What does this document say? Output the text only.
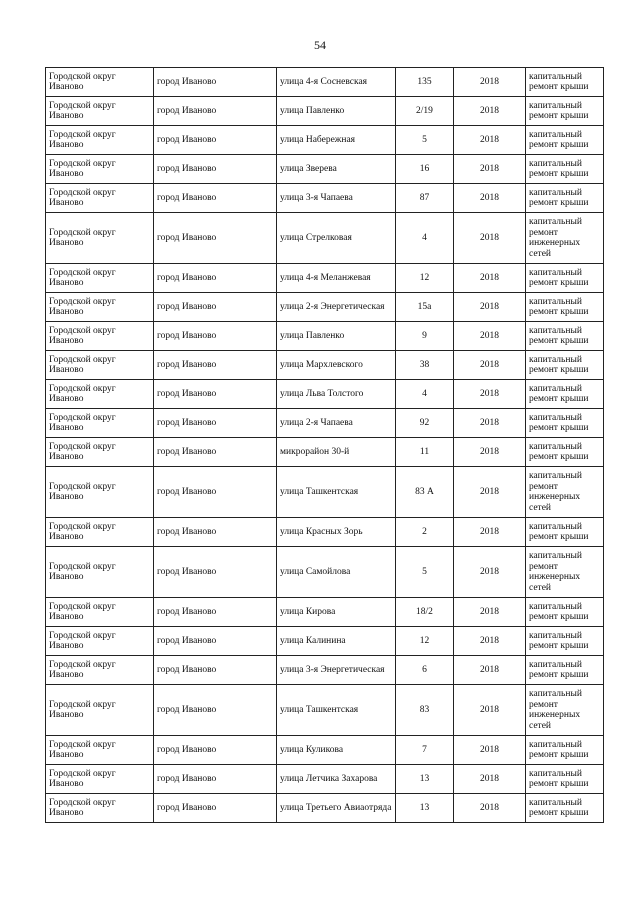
54
Городской округ Иваново	город Иваново	улица 4-я Сосневская	135	2018	капитальный ремонт крыши
Городской округ Иваново	город Иваново	улица Павленко	2/19	2018	капитальный ремонт крыши
Городской округ Иваново	город Иваново	улица Набережная	5	2018	капитальный ремонт крыши
Городской округ Иваново	город Иваново	улица Зверева	16	2018	капитальный ремонт крыши
Городской округ Иваново	город Иваново	улица 3-я Чапаева	87	2018	капитальный ремонт крыши
Городской округ Иваново	город Иваново	улица Стрелковая	4	2018	капитальный ремонт инженерных сетей
Городской округ Иваново	город Иваново	улица 4-я Меланжевая	12	2018	капитальный ремонт крыши
Городской округ Иваново	город Иваново	улица 2-я Энергетическая	15а	2018	капитальный ремонт крыши
Городской округ Иваново	город Иваново	улица Павленко	9	2018	капитальный ремонт крыши
Городской округ Иваново	город Иваново	улица Мархлевского	38	2018	капитальный ремонт крыши
Городской округ Иваново	город Иваново	улица Льва Толстого	4	2018	капитальный ремонт крыши
Городской округ Иваново	город Иваново	улица 2-я Чапаева	92	2018	капитальный ремонт крыши
Городской округ Иваново	город Иваново	микрорайон 30-й	11	2018	капитальный ремонт крыши
Городской округ Иваново	город Иваново	улица Ташкентская	83 А	2018	капитальный ремонт инженерных сетей
Городской округ Иваново	город Иваново	улица Красных Зорь	2	2018	капитальный ремонт крыши
Городской округ Иваново	город Иваново	улица Самойлова	5	2018	капитальный ремонт инженерных сетей
Городской округ Иваново	город Иваново	улица Кирова	18/2	2018	капитальный ремонт крыши
Городской округ Иваново	город Иваново	улица Калинина	12	2018	капитальный ремонт крыши
Городской округ Иваново	город Иваново	улица 3-я Энергетическая	6	2018	капитальный ремонт крыши
Городской округ Иваново	город Иваново	улица Ташкентская	83	2018	капитальный ремонт инженерных сетей
Городской округ Иваново	город Иваново	улица Куликова	7	2018	капитальный ремонт крыши
Городской округ Иваново	город Иваново	улица Летчика Захарова	13	2018	капитальный ремонт крыши
Городской округ Иваново	город Иваново	улица Третьего Авиаотряда	13	2018	капитальный ремонт крыши
